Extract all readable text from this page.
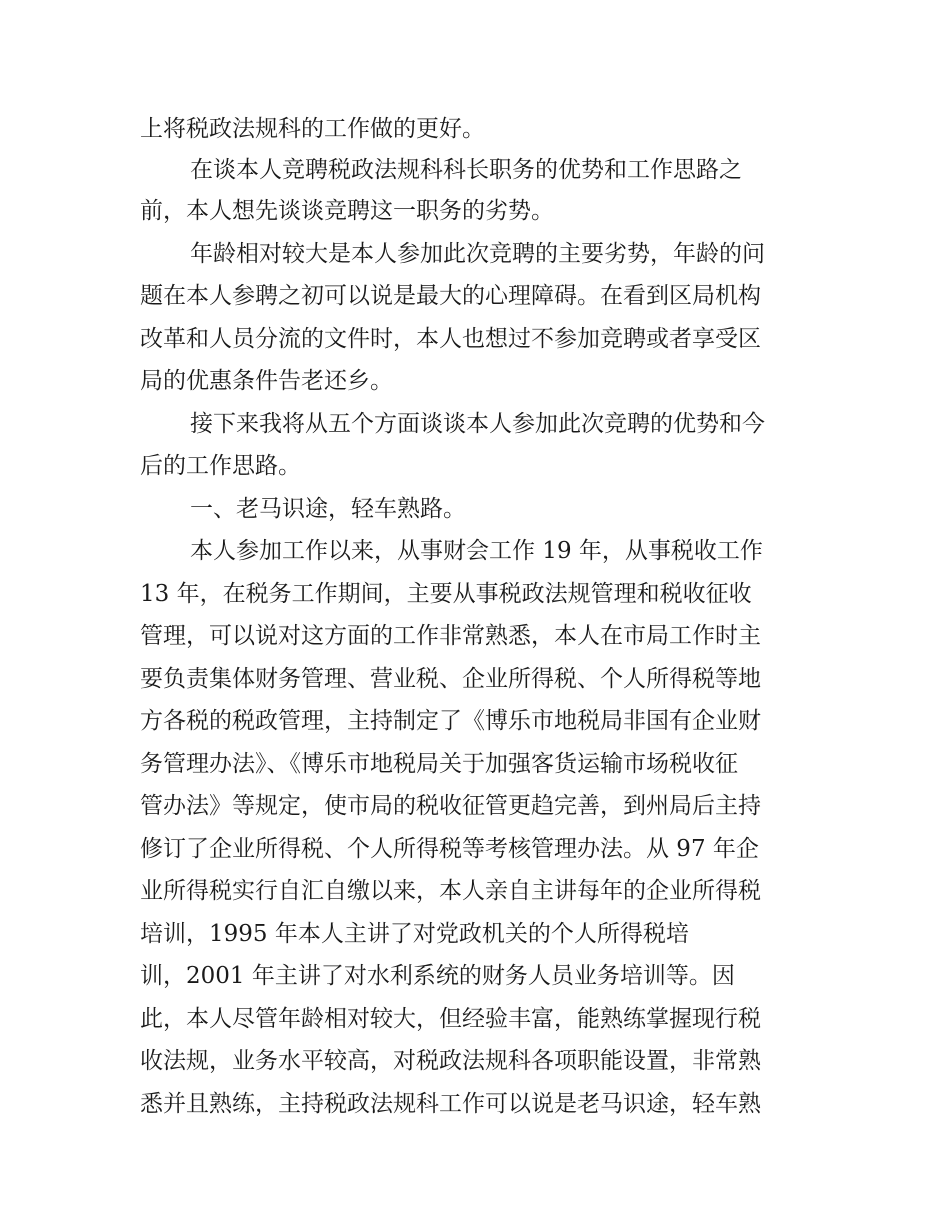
上将税政法规科的工作做的更好。
在谈本人竞聘税政法规科科长职务的优势和工作思路之
前，本人想先谈谈竞聘这一职务的劣势。
年龄相对较大是本人参加此次竞聘的主要劣势，年龄的问
题在本人参聘之初可以说是最大的心理障碍。在看到区局机构
改革和人员分流的文件时，本人也想过不参加竞聘或者享受区
局的优惠条件告老还乡。
接下来我将从五个方面谈谈本人参加此次竞聘的优势和今
后的工作思路。
一、老马识途，轻车熟路。
本人参加工作以来，从事财会工作 19 年，从事税收工作
13 年，在税务工作期间，主要从事税政法规管理和税收征收
管理，可以说对这方面的工作非常熟悉，本人在市局工作时主
要负责集体财务管理、营业税、企业所得税、个人所得税等地
方各税的税政管理，主持制定了《博乐市地税局非国有企业财
务管理办法》、《博乐市地税局关于加强客货运输市场税收征
管办法》等规定，使市局的税收征管更趋完善，到州局后主持
修订了企业所得税、个人所得税等考核管理办法。从 97 年企
业所得税实行自汇自缴以来，本人亲自主讲每年的企业所得税
培训，1995 年本人主讲了对党政机关的个人所得税培
训，2001 年主讲了对水利系统的财务人员业务培训等。因
此，本人尽管年龄相对较大，但经验丰富，能熟练掌握现行税
收法规，业务水平较高，对税政法规科各项职能设置，非常熟
悉并且熟练，主持税政法规科工作可以说是老马识途，轻车熟
